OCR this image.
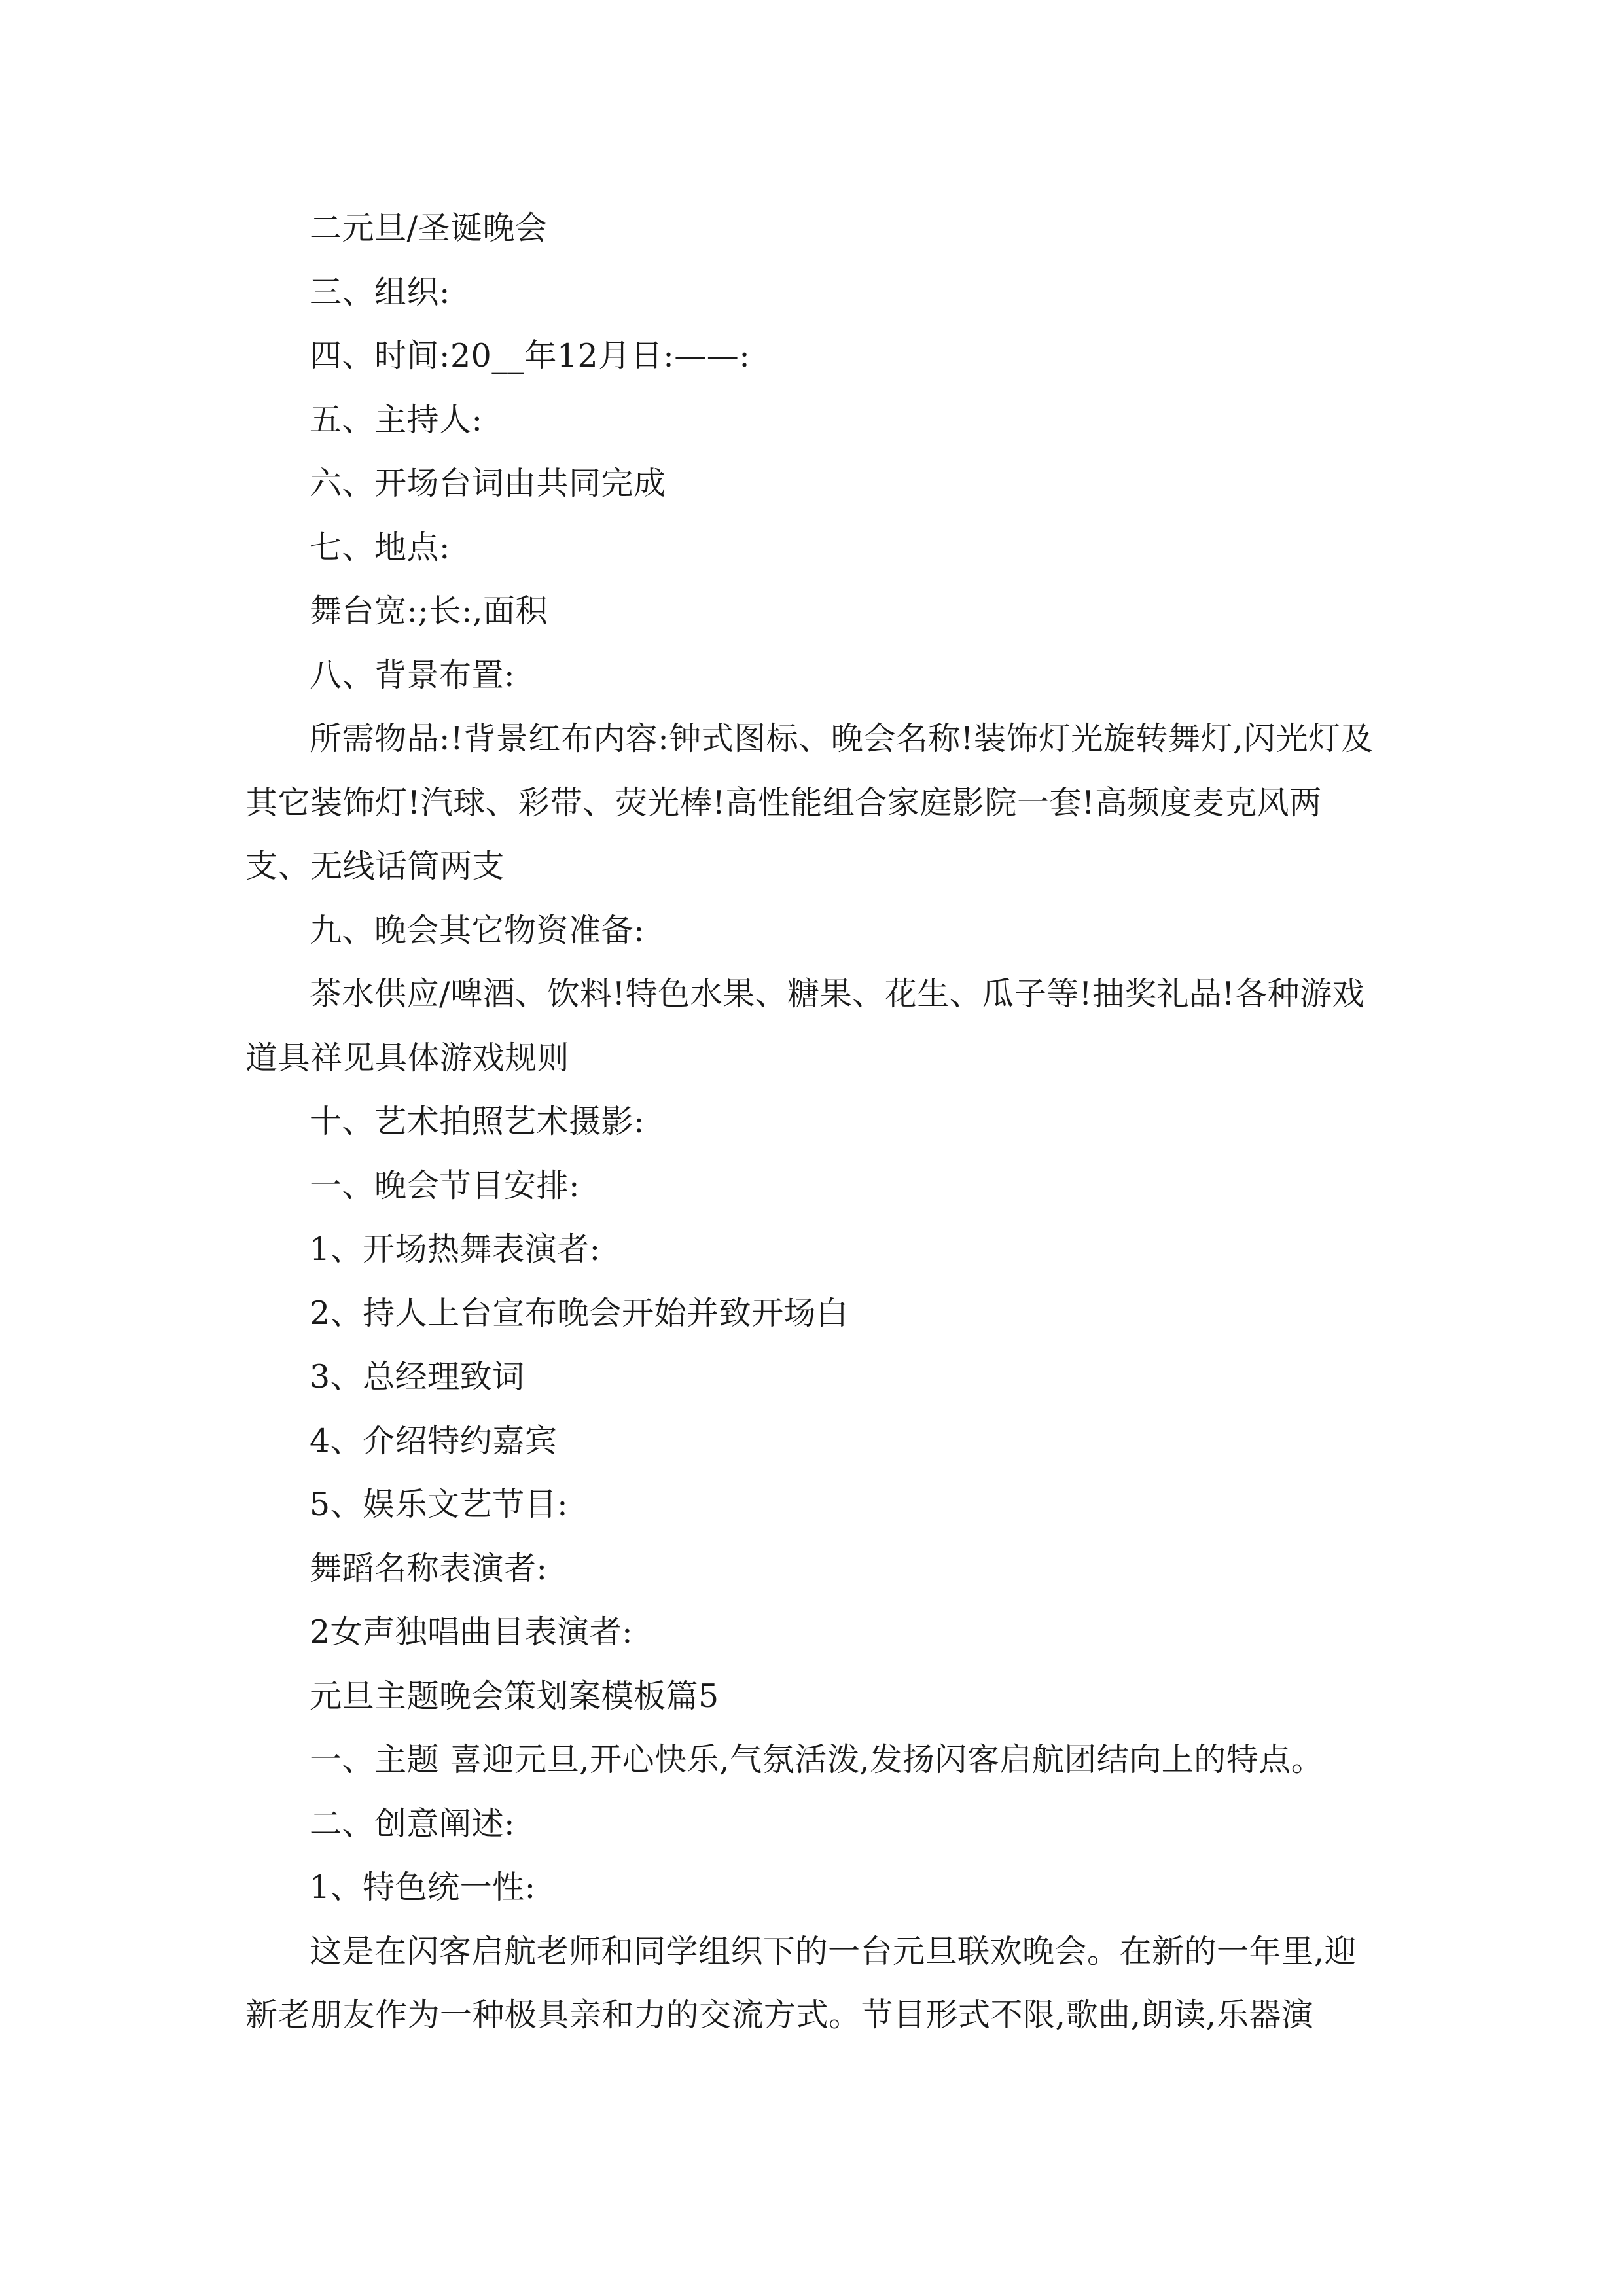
二元旦/圣诞晚会

三、组织:

四、时间:20__年12月日:——:

五、主持人:

六、开场台词由共同完成

七、地点:

舞台宽:;长:,面积

八、背景布置:

所需物品:!背景红布内容:钟式图标、晚会名称!装饰灯光旋转舞灯,闪光灯及其它装饰灯!汽球、彩带、荧光棒!高性能组合家庭影院一套!高频度麦克风两支、无线话筒两支

九、晚会其它物资准备:

茶水供应/啤酒、饮料!特色水果、糖果、花生、瓜子等!抽奖礼品!各种游戏道具祥见具体游戏规则

十、艺术拍照艺术摄影:

一、晚会节目安排:

1、开场热舞表演者:

2、持人上台宣布晚会开始并致开场白

3、总经理致词

4、介绍特约嘉宾

5、娱乐文艺节目:

舞蹈名称表演者:

2女声独唱曲目表演者:

元旦主题晚会策划案模板篇5

一、主题 喜迎元旦,开心快乐,气氛活泼,发扬闪客启航团结向上的特点。

二、创意阐述:

1、特色统一性:

这是在闪客启航老师和同学组织下的一台元旦联欢晚会。在新的一年里,迎新老朋友作为一种极具亲和力的交流方式。节目形式不限,歌曲,朗读,乐器演
